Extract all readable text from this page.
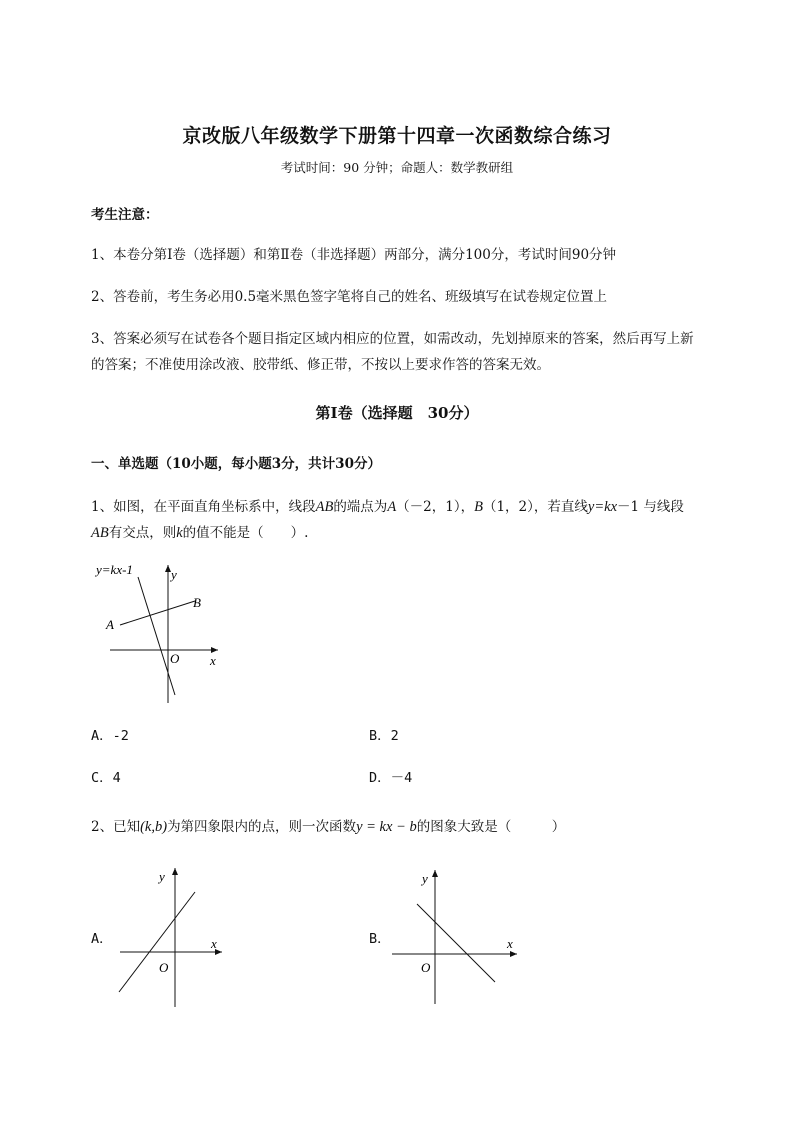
京改版八年级数学下册第十四章一次函数综合练习
考试时间：90 分钟；命题人：数学教研组
考生注意：
1、本卷分第Ⅰ卷（选择题）和第Ⅱ卷（非选择题）两部分，满分100分，考试时间90分钟
2、答卷前，考生务必用0.5毫米黑色签字笔将自己的姓名、班级填写在试卷规定位置上
3、答案必须写在试卷各个题目指定区域内相应的位置，如需改动，先划掉原来的答案，然后再写上新
的答案；不准使用涂改液、胶带纸、修正带，不按以上要求作答的答案无效。
第Ⅰ卷（选择题　30分）
一、单选题（10小题，每小题3分，共计30分）
1、如图，在平面直角坐标系中，线段AB的端点为A（－2，1），B（1，2），若直线y=kx－1 与线段
AB有交点，则k的值不能是（　　）.
y=kx-1	y
x
A
B
O
A．-2	B．2
C．4	D．－4
2、已知(k,b)为第四象限内的点，则一次函数y = kx − b的图象大致是（　　　）
A．
y
x
O
B．
y
x
O
